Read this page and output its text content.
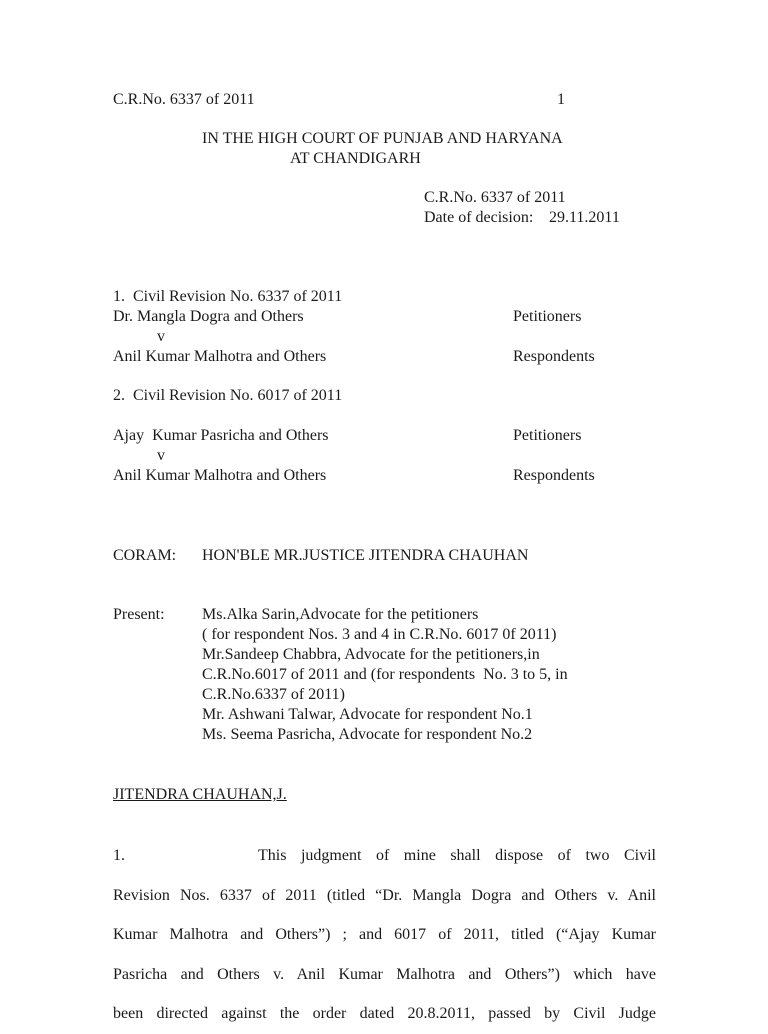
C.R.No. 6337 of 2011	1
IN THE HIGH COURT OF PUNJAB AND HARYANA
AT CHANDIGARH
C.R.No. 6337 of 2011
Date of decision: 29.11.2011
1.  Civil Revision No. 6337 of 2011
Dr. Mangla Dogra and Others	Petitioners
v
Anil Kumar Malhotra and Others	Respondents
2.  Civil Revision No. 6017 of 2011
Ajay  Kumar Pasricha and Others	Petitioners
v
Anil Kumar Malhotra and Others	Respondents
CORAM: HON'BLE MR.JUSTICE JITENDRA CHAUHAN
Present: Ms.Alka Sarin,Advocate for the petitioners
( for respondent Nos. 3 and 4 in C.R.No. 6017 0f 2011)
Mr.Sandeep Chabbra, Advocate for the petitioners,in
C.R.No.6017 of 2011 and (for respondents  No. 3 to 5, in
C.R.No.6337 of 2011)
Mr. Ashwani Talwar, Advocate for respondent No.1
Ms. Seema Pasricha, Advocate for respondent No.2
JITENDRA CHAUHAN,J.
1.	This judgment of mine shall dispose of two Civil
Revision Nos. 6337 of 2011 (titled “Dr. Mangla Dogra and Others v. Anil
Kumar Malhotra and Others”) ; and 6017 of 2011, titled (“Ajay Kumar
Pasricha and Others v. Anil Kumar Malhotra and Others”) which have
been directed against the order dated 20.8.2011, passed by Civil Judge
